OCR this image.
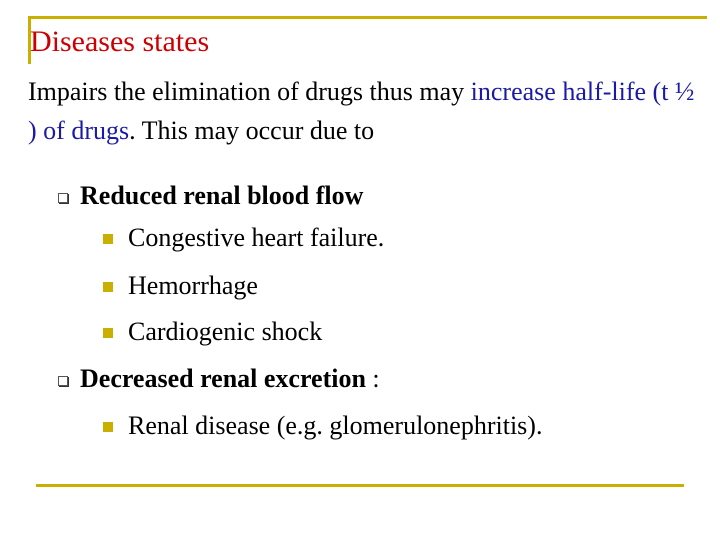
Diseases states
Impairs the elimination of drugs thus may increase half-life (t ½ ) of drugs. This may occur due to
Reduced renal blood flow
Congestive heart failure.
Hemorrhage
Cardiogenic shock
Decreased renal excretion :
Renal disease (e.g. glomerulonephritis).
